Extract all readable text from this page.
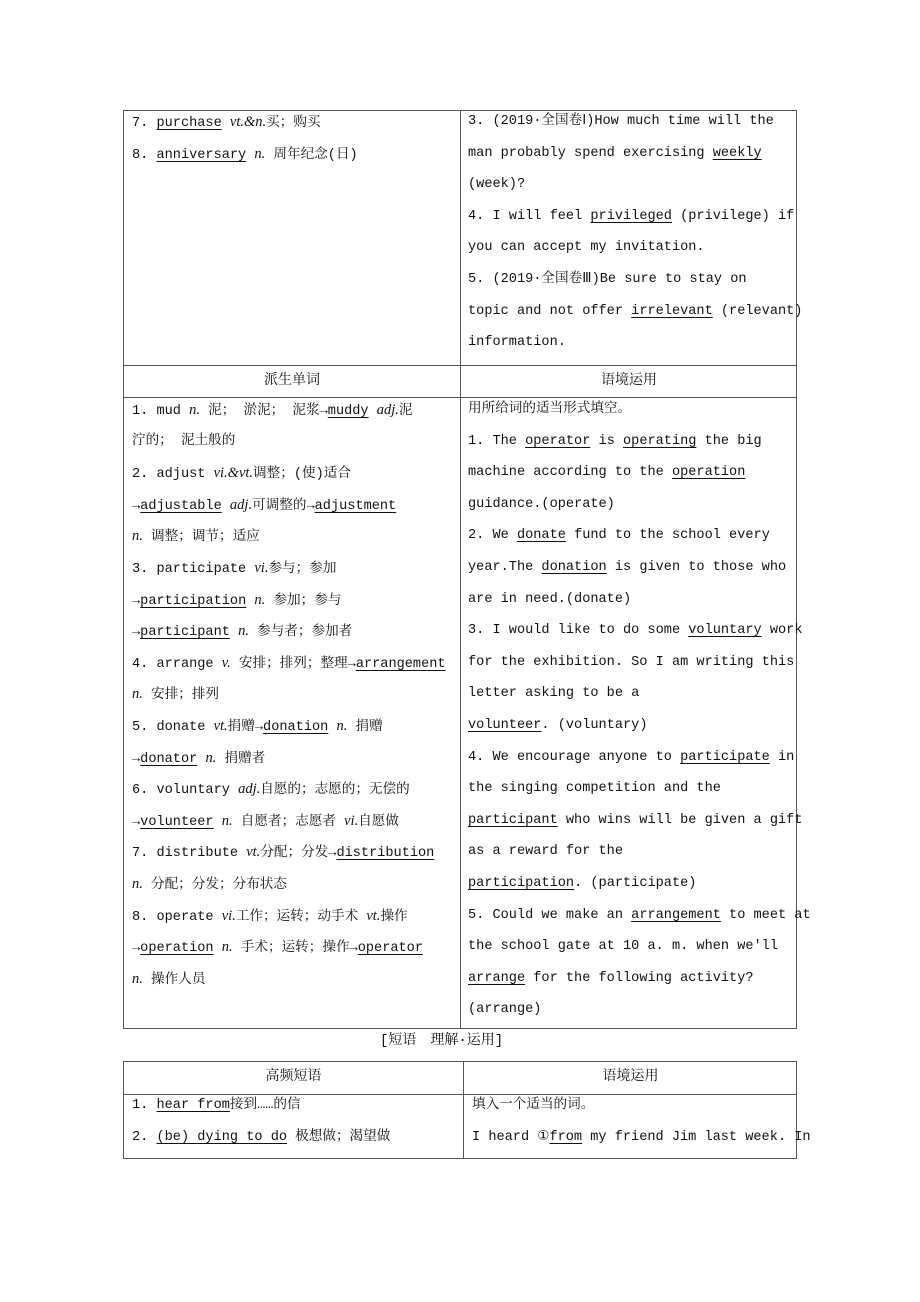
7. purchase vt.&n.买；购买
8. anniversary n. 周年纪念(日)
3. (2019·全国卷Ⅰ)How much time will the
man probably spend exercising weekly
(week)?
4. I will feel privileged (privilege) if
you can accept my invitation.
5. (2019·全国卷Ⅲ)Be sure to stay on
topic and not offer irrelevant (relevant)
information.
派生单词	语境运用
1. mud n. 泥； 淤泥； 泥浆→muddy adj.泥
泞的； 泥土般的
2. adjust vi.&vt.调整；(使)适合
→adjustable adj.可调整的→adjustment
n. 调整；调节；适应
3. participate vi.参与；参加
→participation n. 参加；参与
→participant n. 参与者；参加者
4. arrange v. 安排；排列；整理→arrangement
n. 安排；排列
5. donate vt.捐赠→donation n. 捐赠
→donator n. 捐赠者
6. voluntary adj.自愿的；志愿的；无偿的
→volunteer n. 自愿者；志愿者 vi.自愿做
7. distribute vt.分配；分发→distribution
n. 分配；分发；分布状态
8. operate vi.工作；运转；动手术 vt.操作
→operation n. 手术；运转；操作→operator
n. 操作人员
用所给词的适当形式填空。
1. The operator is operating the big
machine according to the operation
guidance.(operate)
2. We donate fund to the school every
year.The donation is given to those who
are in need.(donate)
3. I would like to do some voluntary work
for the exhibition. So I am writing this
letter asking to be a
volunteer. (voluntary)
4. We encourage anyone to participate in
the singing competition and the
participant who wins will be given a gift
as a reward for the
participation. (participate)
5. Could we make an arrangement to meet at
the school gate at 10 a. m. when we'll
arrange for the following activity?
(arrange)
[短语　理解·运用]
高频短语	语境运用
1. hear from接到……的信
2. (be) dying to do 极想做；渴望做
填入一个适当的词。
I heard ①from my friend Jim last week. In
